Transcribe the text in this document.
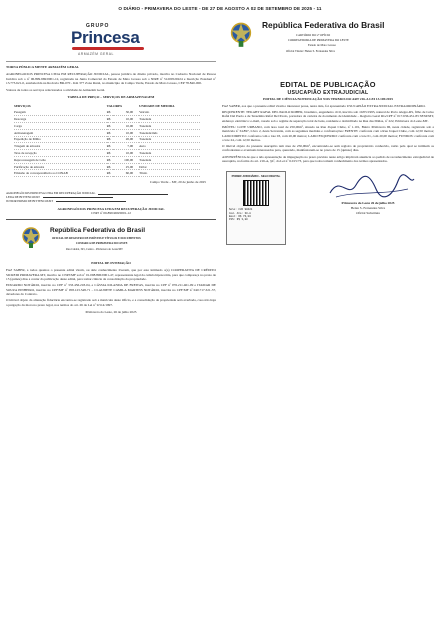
O DIÁRIO - PRIMAVERA DO LESTE - DE 27 DE AGOSTO A 02 DE SETEMBRO DE 2025 - 11
GRUPO
Princesa
ARMAZÉM GERAL
TORNA PÚBLICA MENTE ARMAZÉM GERAL
AGRONEGOCIOS PRINCESA LTDA EM RECUPERAÇÃO JUDICIAL, pessoa jurídica de direito privado, inscrita no Cadastro Nacional de Pessoa Jurídica sob o nº 06.899.969/0001-12, registrada na Junta Comercial do Estado de Mato Grosso sob o NIRE nº 51200520224 e Inscrição Estadual nº 13.773.621-0, estabelecida na Rodovia BR-070 - Km 377 Zona Rural, no município de Campo Verde, Estado de Mato Grosso, CEP 78.840-000.
Valores de todos os serviços relacionados a atividade de Armazém Geral.
TABELA DE PREÇO – SERVIÇOS DE ARMAZENAGEM
SERVIÇOS	VALORES		UNIDADE DE MEDIDA
Pesagem	R$	30,00	Veículo
Descarga	R$	10,00	Tonelada
Carga	R$	10,00	Tonelada
Armazenagem	R$	10,00	Tonelada/mês
Expedição de Milho	R$	20,00	Tonelada
Triagem de amostra	R$	7,00	Auto
Taxa de recepção	R$	10,00	Tonelada
Reprocessagem de Grão	R$	100,00	Tonelada
Purificação de amostra	R$	25,00	Dólar
Emissão de correspondência ao CONAB	R$	60,00	Título
Campo Verde – MT, 20 de junho de 2025
AGRONEGÓCIOS PRINCESA LTDA EM RECUPERAÇÃO JUDICIAL
LEDA DE BITTENCOURT
JUNIOR PRIMO DE BITTENCOURT
AGRONEGÓCIOS PRINCESA LTDA EM RECUPERAÇÃO JUDICIAL
CNPJ nº 06.899.969/0001-12
República Federativa do Brasil
OFICIAL DE REGISTRO DE IMÓVEIS E TÍTULOS E DOCUMENTOS
COMARCA DE PRIMAVERA DO LESTE
Rua Cuiabá, 345, Centro - Primavera do Leste/MT
EDITAL DE INTIMAÇÃO
FAZ SABER, a todos quantos o presente edital virem, ou dele conhecimento tiverem, que por este intimado o(a) COOPERATIVA DE CRÉDITO SICREDI PRIMAVERA MT, inscrito no CNPJ/MF sob nº 01.098.896/0001-47, representante legal da cédula hipotecária, para que compareça no prazo de 15 (quinze) dias a contar da publicação deste edital, para tomar ciência da consolidação da propriedade.
EDUARDO NOTÁRIO, inscrito no CPF nº 333.456.218-04, e CÁSSIA IOLANDA DE FREITAS, inscrita no CPF nº 076.211.461-09 e ITAMAR DE SOUZA PINHEIRO, inscrito no CPF/MF nº 058.123.548-71 – CLAUDETE CAMILA MARTINS NOTÁRIO, inscrita no CPF/MF nº 040.717.321-37, devedores do Contrato.
O imóvel objeto da alienação fiduciária encontra-se registrado sob a matrícula deste Ofício, e a consolidação da propriedade será averbada, caso não haja a purgação da mora no prazo legal, nos termos do art. 26 da Lei nº 9.514/1997.
Primavera do Leste, 26 de julho 2025
República Federativa do Brasil
CARTÓRIO DO 2º OFÍCIO
CORREGEDORIA DE PRIMAVERA DO LESTE
Estado de Mato Grosso
Oficial Titular: Helen S. Fernandes Silva
EDITAL DE PUBLICAÇÃO
USUCAPIÃO EXTRAJUDICIAL
EDITAL DE CIÊNCIA/NOTIFICAÇÃO NOS TERMOS DO ART 216-A LEI 13.105/2015
FAZ SABER, aos que o presente edital virem e interessar possa, nesta data, foi apresentado USUCAPIÃO EXTRAJUDICIAL EXTRAORDINÁRIO.
REQUERENTE: TEKAHT RAFAL DEL PAOLO ROBER, brasileiro, engenheiro civil, inscrito sob 10/05/1995, natural de Porto Alegre-RS, filho de Celso Rafal Del Paolo e de Terezinha Rafal Del Paolo, portadora da carteira de documento de identidade – Registro Geral RG/CPF nº 017.636.431-83 SESP/MT, endereço eletrônico: e-mail, casado sob o regime de separação total de bens, residente e domiciliado na Rua das Dálias, nº 222, Primavera do Leste-MT.
IMÓVEL: LOTE URBANO, com área total de 250,00m², situado na Rua Jóquei Clube, nº 1.101, Bairro Primavera III, nesta cidade, registrado sob a matrícula nº 34.897, Livro 2, desta Serventia, com as seguintes medidas e confrontações: FRENTE: confronta com a Rua Jóquei Clube, com 12,50 metros; LADO DIREITO: confronta com o lote 03, com 20,00 metros; LADO ESQUERDO: confronta com o lote 01, com 20,00 metros; FUNDOS: confronta com o lote 24, com 12,50 metros.
O imóvel objeto da presente usucapião tem área de 250,00m², encontrando-se sem registro de proprietário conhecido, razão pela qual se intimam os confrontantes e eventuais interessados para, querendo, manifestarem-se no prazo de 15 (quinze) dias.
ADVERTÊNCIA de que a não apresentação de impugnação no prazo previsto neste artigo implicará anuência ao pedido de reconhecimento extrajudicial de usucapião, na forma do art. 216-A, §4º, da Lei nº 6.015/73, para que todos tomem conhecimento dos termos apresentados.
PODER JUDICIÁRIO - SELO DIGITAL
Selo: CJR 90421
Cod. Ato: 30-A
Emol: R$ 76,00
ISS: R$ 3,80
Primavera do Leste 26 de julho 2025
Helen S. Fernandes Silva
Oficial Substituta
